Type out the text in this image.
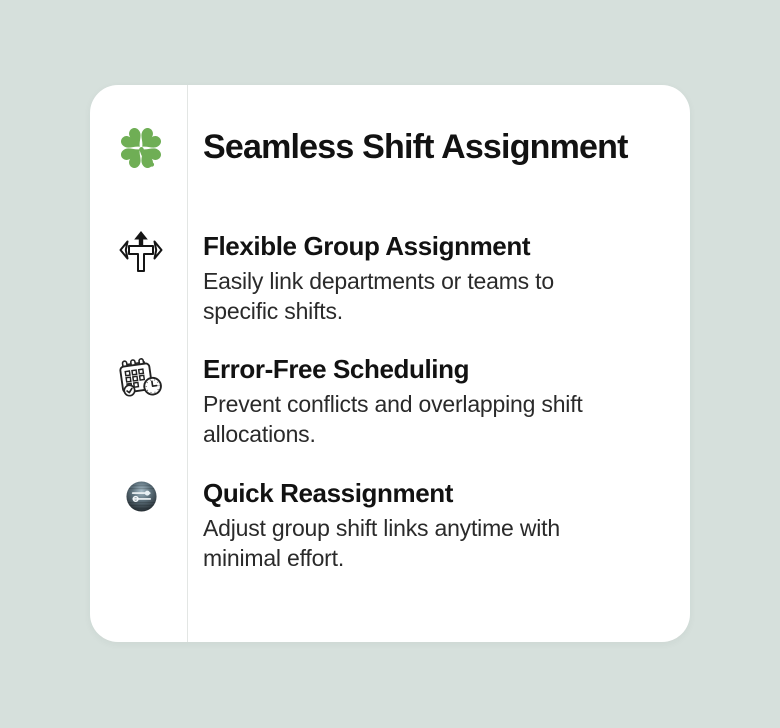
Seamless Shift Assignment
Flexible Group Assignment

Easily link departments or teams to
specific shifts.

Error-Free Scheduling

Prevent conflicts and overlapping shift
allocations.

Quick Reassignment

Adjust group shift links anytime with
minimal effort.
